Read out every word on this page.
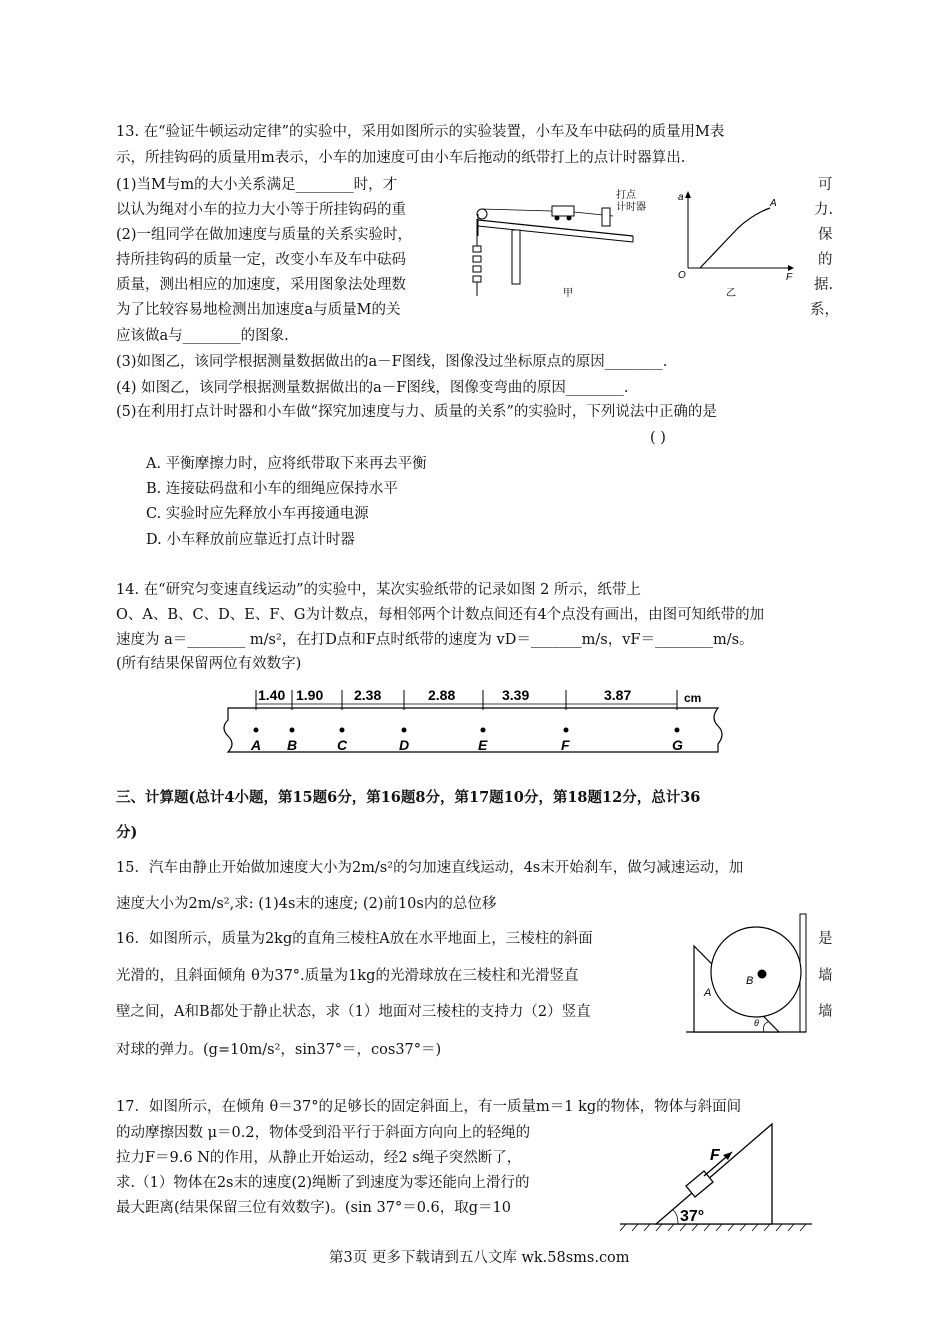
13. 在“验证牛顿运动定律”的实验中，采用如图所示的实验装置，小车及车中砝码的质量用M表
示，所挂钩码的质量用m表示，小车的加速度可由小车后拖动的纸带打上的点计时器算出.
(1)当M与m的大小关系满足________时，才	可
以认为绳对小车的拉力大小等于所挂钩码的重	力.
(2)一组同学在做加速度与质量的关系实验时，	保
持所挂钩码的质量一定，改变小车及车中砝码	的
质量，测出相应的加速度，采用图象法处理数	据.
为了比较容易地检测出加速度a与质量M的关	系，
应该做a与________的图象.
打点
计时器
甲
a
F
O
A
乙
(3)如图乙，该同学根据测量数据做出的a－F图线，图像没过坐标原点的原因________.
(4) 如图乙，该同学根据测量数据做出的a－F图线，图像变弯曲的原因________.
(5)在利用打点计时器和小车做“探究加速度与力、质量的关系”的实验时，下列说法中正确的是
( )
A. 平衡摩擦力时，应将纸带取下来再去平衡
B. 连接砝码盘和小车的细绳应保持水平
C. 实验时应先释放小车再接通电源
D. 小车释放前应靠近打点计时器
14. 在“研究匀变速直线运动”的实验中，某次实验纸带的记录如图 2 所示，纸带上
O、A、B、C、D、E、F、G为计数点，每相邻两个计数点间还有4个点没有画出，由图可知纸带的加
速度为 a＝________ m/s²，在打D点和F点时纸带的速度为 vD＝_______m/s，vF＝________m/s。
(所有结果保留两位有效数字)
1.40 1.90 2.38	2.88	3.39	3.87	cm
A B	C	D	E	F	G
三、计算题(总计4小题，第15题6分，第16题8分，第17题10分，第18题12分，总计36
分)
15．汽车由静止开始做加速度大小为2m/s²的匀加速直线运动，4s末开始刹车，做匀减速运动，加
速度大小为2m/s²,求: (1)4s末的速度; (2)前10s内的总位移
16．如图所示，质量为2kg的直角三棱柱A放在水平地面上，三棱柱的斜面	是
光滑的，且斜面倾角 θ为37°.质量为1kg的光滑球放在三棱柱和光滑竖直	墙
壁之间，A和B都处于静止状态，求（1）地面对三棱柱的支持力（2）竖直	墙
对球的弹力。(g=10m/s²，sin37°＝，cos37°＝)
B
A
θ
17．如图所示，在倾角 θ＝37°的足够长的固定斜面上，有一质量m＝1 kg的物体，物体与斜面间
的动摩擦因数 μ＝0.2，物体受到沿平行于斜面方向向上的轻绳的
拉力F＝9.6 N的作用，从静止开始运动，经2 s绳子突然断了，
求.（1）物体在2s末的速度(2)绳断了到速度为零还能向上滑行的
最大距离(结果保留三位有效数字)。(sin 37°＝0.6，取g＝10
F
37°
第3页 更多下载请到五八文库 wk.58sms.com
